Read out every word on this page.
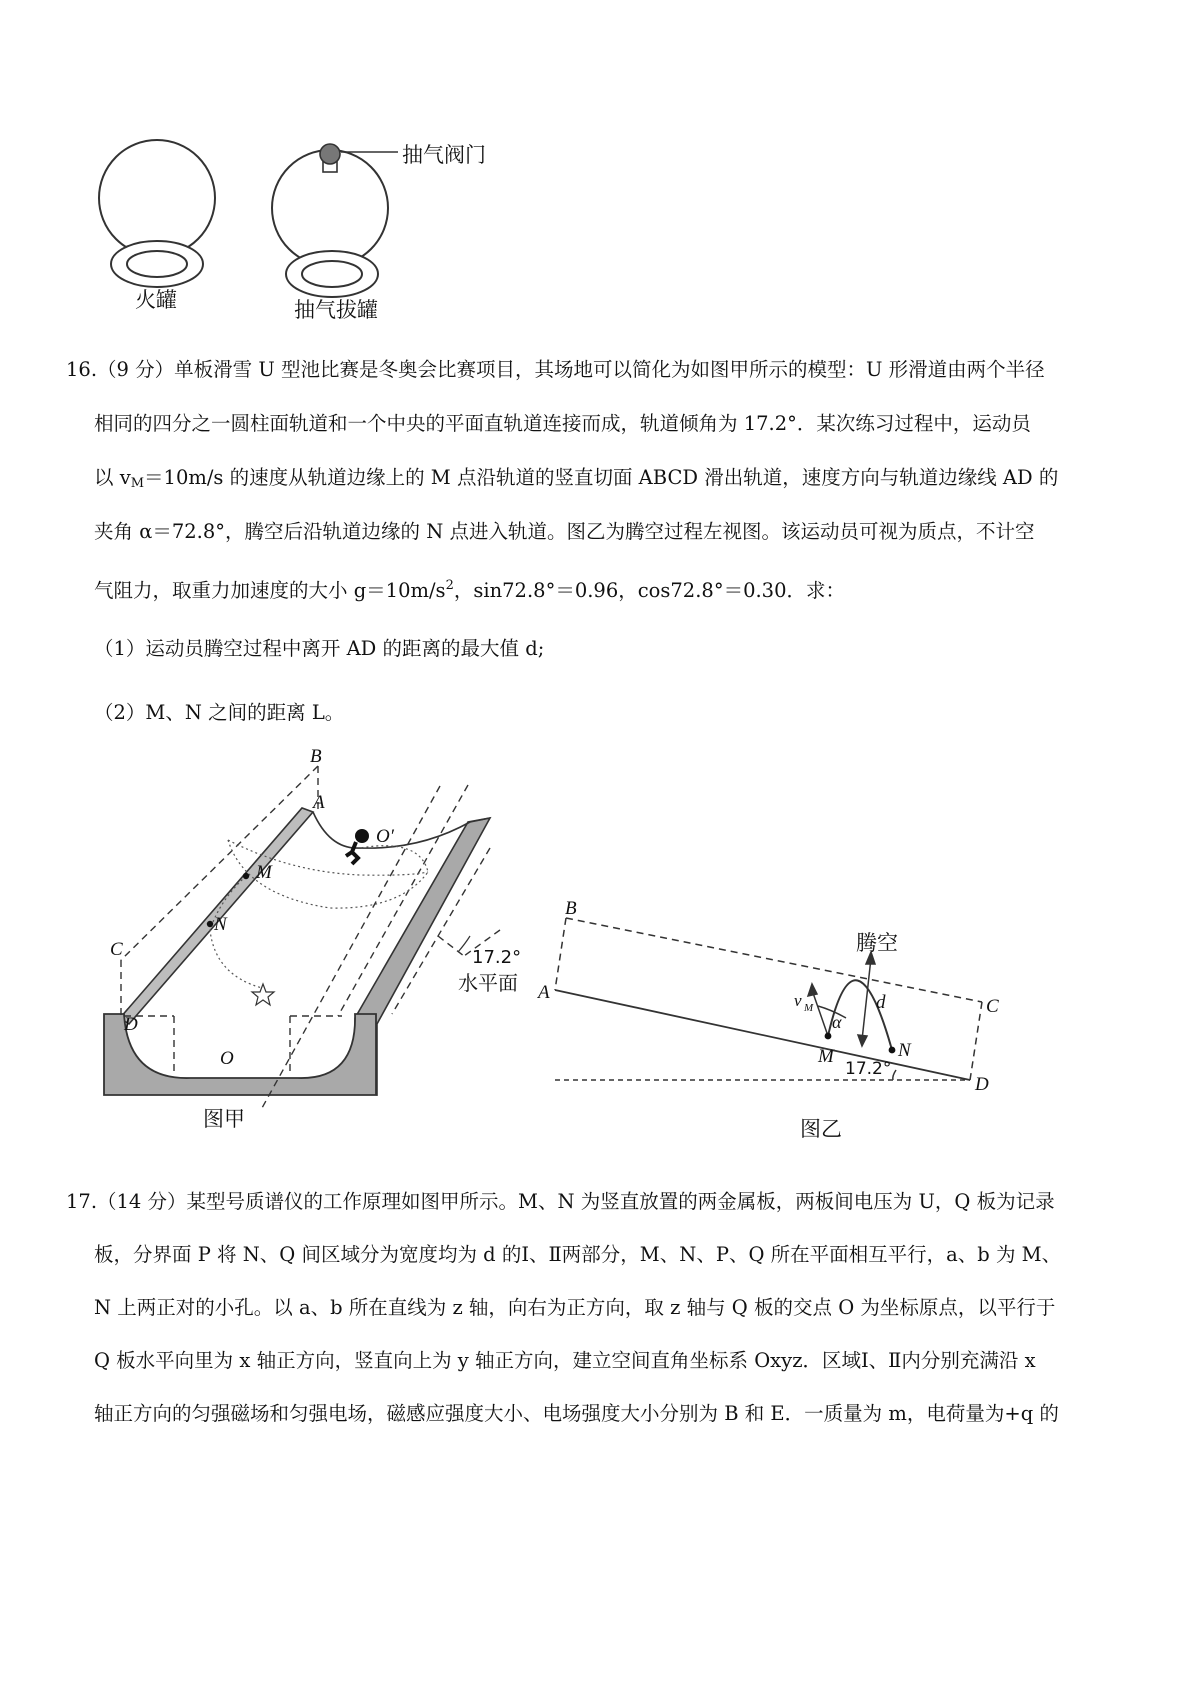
抽气阀门
火罐	抽气拔罐
16.（9 分）单板滑雪 U 型池比赛是冬奥会比赛项目，其场地可以简化为如图甲所示的模型：U 形滑道由两个半径
相同的四分之一圆柱面轨道和一个中央的平面直轨道连接而成，轨道倾角为 17.2°．某次练习过程中，运动员
以 $v_M=10m/s$ 的速度从轨道边缘上的 M 点沿轨道的竖直切面 ABCD 滑出轨道，速度方向与轨道边缘线 AD 的
夹角 α＝72.8°，腾空后沿轨道边缘的 N 点进入轨道。图乙为腾空过程左视图。该运动员可视为质点，不计空
气阻力，取重力加速度的大小 $g=10m/s^2$，sin72.8°＝0.96，cos72.8°＝0.30．求：
（1）运动员腾空过程中离开 AD 的距离的最大值 d;
（2）M、N 之间的距离 L。
B
A
O′
M
N
C
D
O
17.2°
水平面
图甲
B
A
C
D
M	N
v M
α
d
腾空
17.2°
图乙
17.（14 分）某型号质谱仪的工作原理如图甲所示。M、N 为竖直放置的两金属板，两板间电压为 U，Q 板为记录
板，分界面 P 将 N、Q 间区域分为宽度均为 d 的Ⅰ、Ⅱ两部分，M、N、P、Q 所在平面相互平行，a、b 为 M、
N 上两正对的小孔。以 a、b 所在直线为 z 轴，向右为正方向，取 z 轴与 Q 板的交点 O 为坐标原点，以平行于
Q 板水平向里为 x 轴正方向，竖直向上为 y 轴正方向，建立空间直角坐标系 Oxyz．区域Ⅰ、Ⅱ内分别充满沿 x
轴正方向的匀强磁场和匀强电场，磁感应强度大小、电场强度大小分别为 B 和 E．一质量为 m，电荷量为+q 的
